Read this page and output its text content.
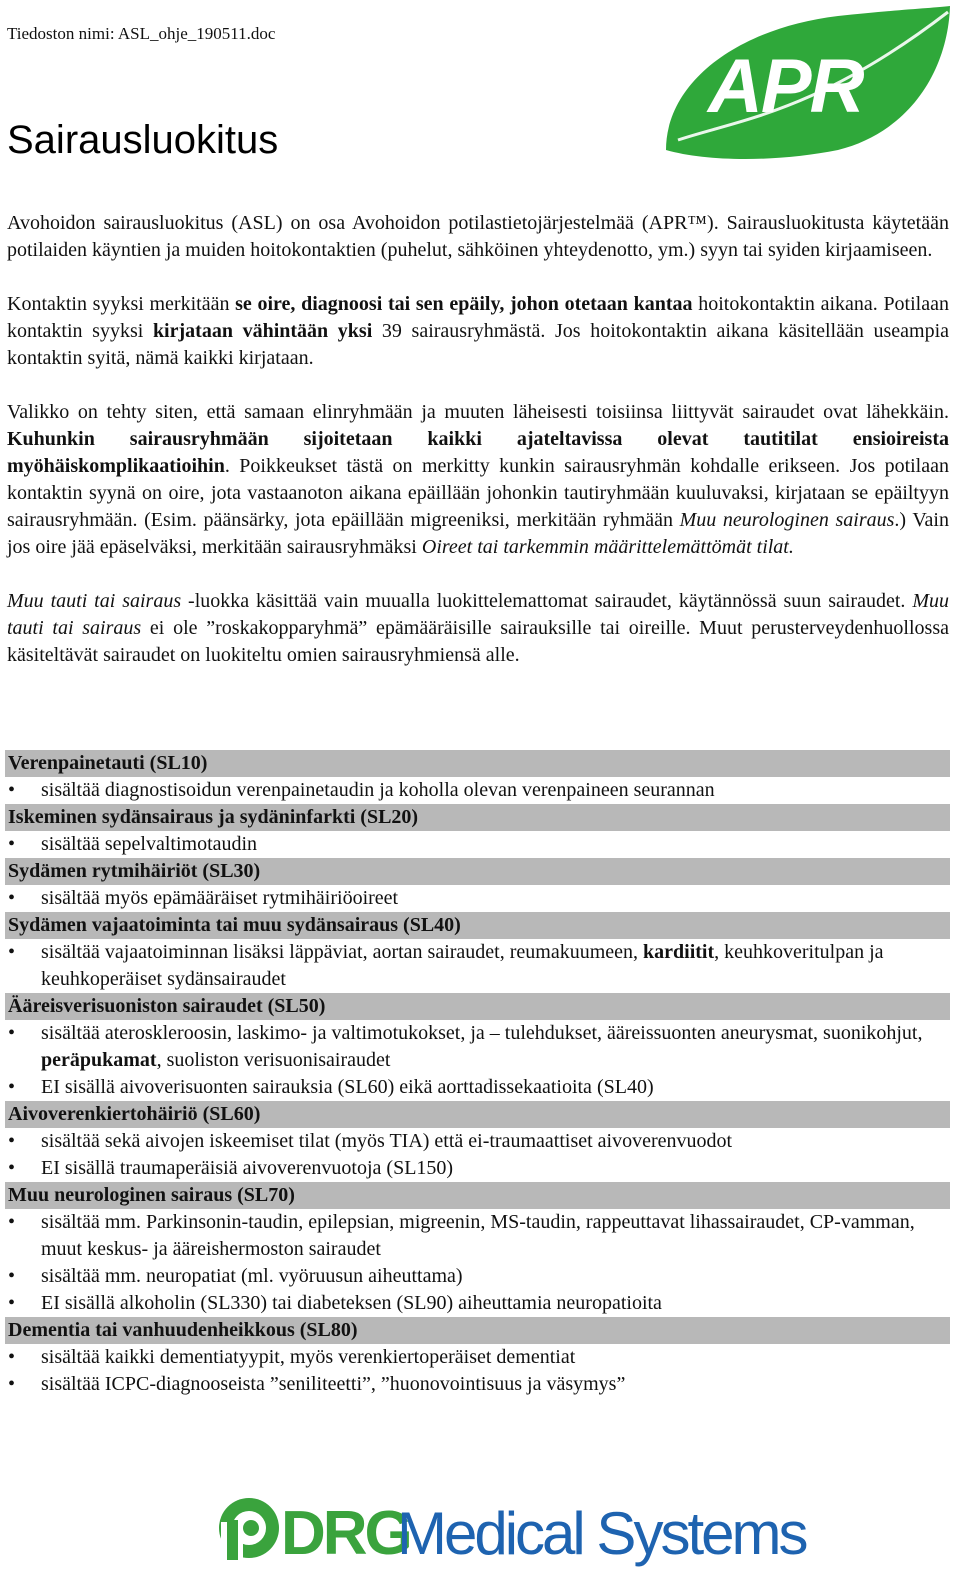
Tiedoston nimi: ASL_ohje_190511.doc
APR
Sairausluokitus

Avohoidon sairausluokitus (ASL) on osa Avohoidon potilastietojärjestelmää (APR™). Sairausluokitusta käytetään potilaiden käyntien ja muiden hoitokontaktien (puhelut, sähköinen yhteydenotto, ym.) syyn tai syiden kirjaamiseen.

Kontaktin syyksi merkitään se oire, diagnoosi tai sen epäily, johon otetaan kantaa hoitokontaktin aikana. Potilaan kontaktin syyksi kirjataan vähintään yksi 39 sairausryhmästä. Jos hoitokontaktin aikana käsitellään useampia kontaktin syitä, nämä kaikki kirjataan.

Valikko on tehty siten, että samaan elinryhmään ja muuten läheisesti toisiinsa liittyvät sairaudet ovat lähekkäin. Kuhunkin sairausryhmään sijoitetaan kaikki ajateltavissa olevat tautitilat ensioireista myöhäiskomplikaatioihin. Poikkeukset tästä on merkitty kunkin sairausryhmän kohdalle erikseen. Jos potilaan kontaktin syynä on oire, jota vastaanoton aikana epäillään johonkin tautiryhmään kuuluvaksi, kirjataan se epäiltyyn sairausryhmään. (Esim. päänsärky, jota epäillään migreeniksi, merkitään ryhmään Muu neurologinen sairaus.) Vain jos oire jää epäselväksi, merkitään sairausryhmäksi Oireet tai tarkemmin määrittelemättömät tilat.

Muu tauti tai sairaus -luokka käsittää vain muualla luokittelemattomat sairaudet, käytännössä suun sairaudet. Muu tauti tai sairaus ei ole ”roskakopparyhmä” epämääräisille sairauksille tai oireille. Muut perusterveydenhuollossa käsiteltävät sairaudet on luokiteltu omien sairausryhmiensä alle.

Verenpainetauti (SL10)
• sisältää diagnostisoidun verenpainetaudin ja koholla olevan verenpaineen seurannan
Iskeminen sydänsairaus ja sydäninfarkti (SL20)
• sisältää sepelvaltimotaudin
Sydämen rytmihäiriöt (SL30)
• sisältää myös epämääräiset rytmihäiriöoireet
Sydämen vajaatoiminta tai muu sydänsairaus (SL40)
• sisältää vajaatoiminnan lisäksi läppäviat, aortan sairaudet, reumakuumeen, kardiitit, keuhkoveritulpan ja keuhkoperäiset sydänsairaudet
Ääreisverisuoniston sairaudet (SL50)
• sisältää ateroskleroosin, laskimo- ja valtimotukokset, ja – tulehdukset, ääreissuonten aneurysmat, suonikohjut, peräpukamat, suoliston verisuonisairaudet
• EI sisällä aivoverisuonten sairauksia (SL60) eikä aorttadissekaatioita (SL40)
Aivoverenkiertohäiriö (SL60)
• sisältää sekä aivojen iskeemiset tilat (myös TIA) että ei-traumaattiset aivoverenvuodot
• EI sisällä traumaperäisiä aivoverenvuotoja (SL150)
Muu neurologinen sairaus (SL70)
• sisältää mm. Parkinsonin-taudin, epilepsian, migreenin, MS-taudin, rappeuttavat lihassairaudet, CP-vamman, muut keskus- ja ääreishermoston sairaudet
• sisältää mm. neuropatiat (ml. vyöruusun aiheuttama)
• EI sisällä alkoholin (SL330) tai diabeteksen (SL90) aiheuttamia neuropatioita
Dementia tai vanhuudenheikkous (SL80)
• sisältää kaikki dementiatyypit, myös verenkiertoperäiset dementiat
• sisältää ICPC-diagnooseista ”seniliteetti”, ”huonovointisuus ja väsymys”
DRG
Medical Systems
